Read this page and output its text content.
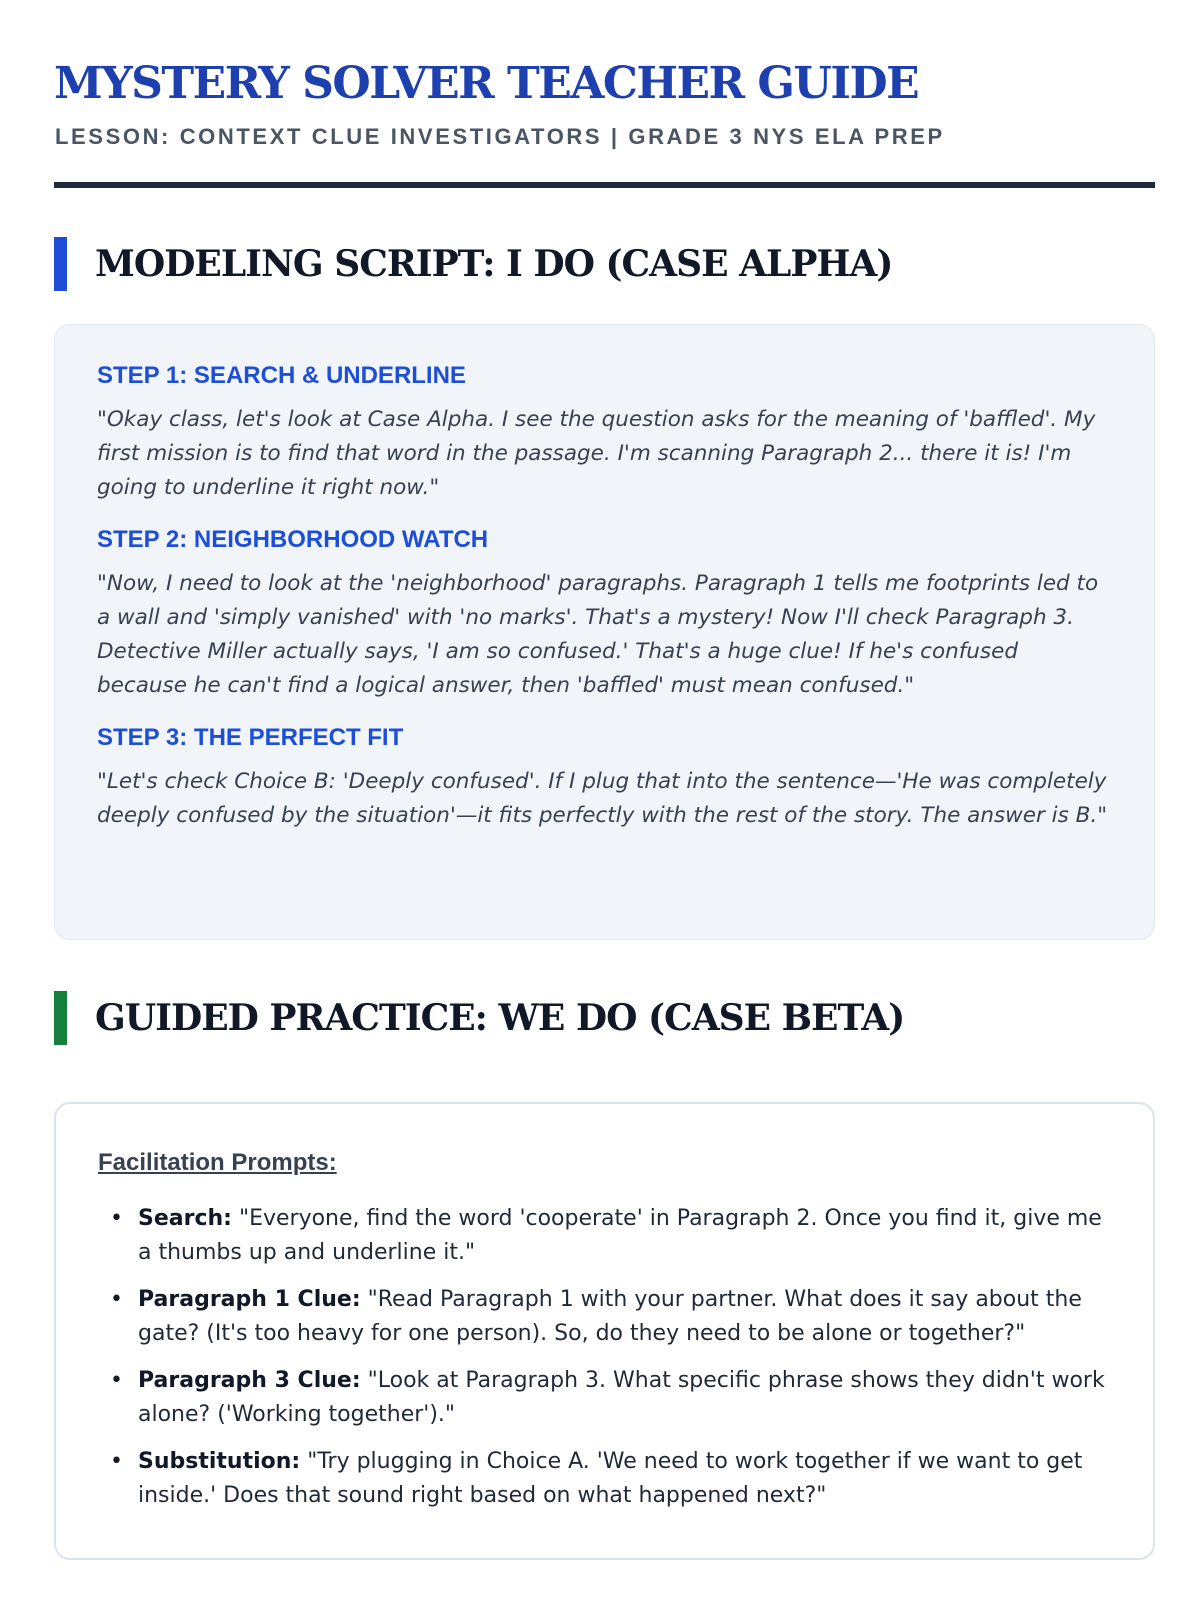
MYSTERY SOLVER TEACHER GUIDE
LESSON: CONTEXT CLUE INVESTIGATORS | GRADE 3 NYS ELA PREP
MODELING SCRIPT: I DO (CASE ALPHA)
STEP 1: SEARCH & UNDERLINE

"Okay class, let's look at Case Alpha. I see the question asks for the meaning of 'baffled'. My first mission is to find that word in the passage. I'm scanning Paragraph 2... there it is! I'm going to underline it right now."

STEP 2: NEIGHBORHOOD WATCH

"Now, I need to look at the 'neighborhood' paragraphs. Paragraph 1 tells me footprints led to a wall and 'simply vanished' with 'no marks'. That's a mystery! Now I'll check Paragraph 3. Detective Miller actually says, 'I am so confused.' That's a huge clue! If he's confused because he can't find a logical answer, then 'baffled' must mean confused."

STEP 3: THE PERFECT FIT

"Let's check Choice B: 'Deeply confused'. If I plug that into the sentence—'He was completely deeply confused by the situation'—it fits perfectly with the rest of the story. The answer is B."

GUIDED PRACTICE: WE DO (CASE BETA)
Facilitation Prompts:
• Search: "Everyone, find the word 'cooperate' in Paragraph 2. Once you find it, give me a thumbs up and underline it."
• Paragraph 1 Clue: "Read Paragraph 1 with your partner. What does it say about the gate? (It's too heavy for one person). So, do they need to be alone or together?"
• Paragraph 3 Clue: "Look at Paragraph 3. What specific phrase shows they didn't work alone? ('Working together')."
• Substitution: "Try plugging in Choice A. 'We need to work together if we want to get inside.' Does that sound right based on what happened next?"
